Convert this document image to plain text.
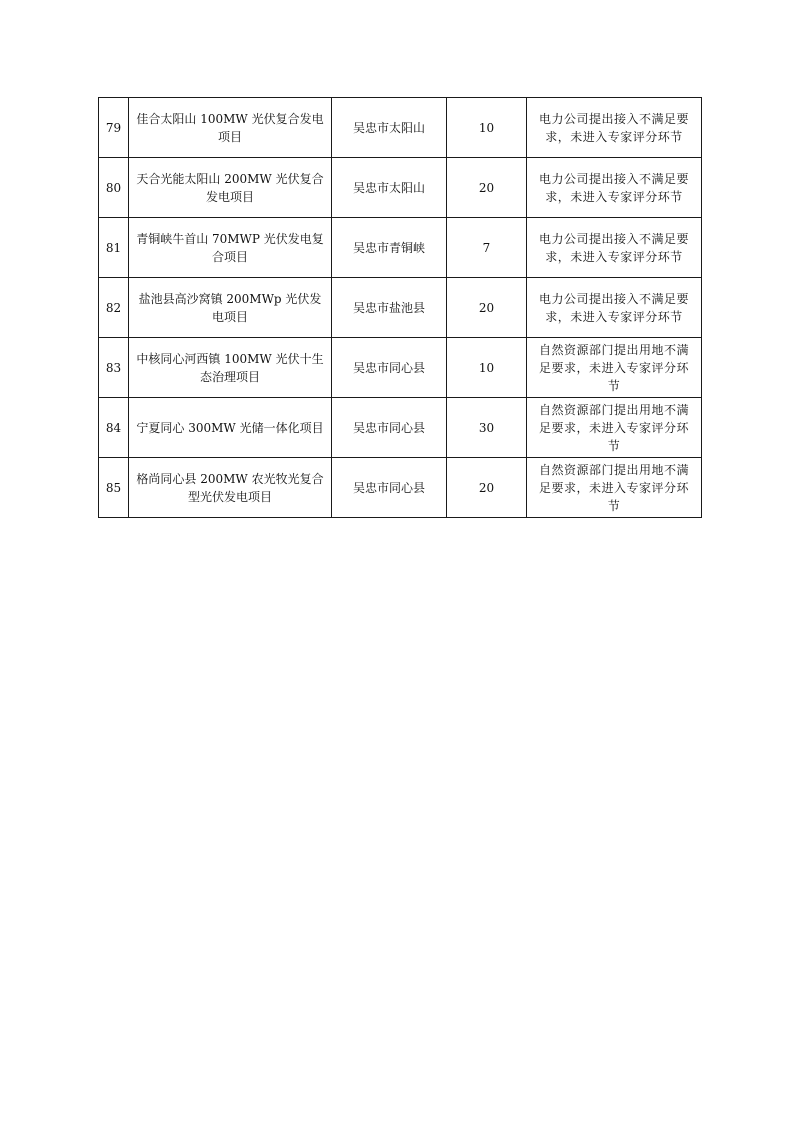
79	佳合太阳山 100MW 光伏复合发电项目	吴忠市太阳山	10	电力公司提出接入不满足要求，未进入专家评分环节
80	天合光能太阳山 200MW 光伏复合发电项目	吴忠市太阳山	20	电力公司提出接入不满足要求，未进入专家评分环节
81	青铜峡牛首山 70MWP 光伏发电复合项目	吴忠市青铜峡	7	电力公司提出接入不满足要求，未进入专家评分环节
82	盐池县高沙窝镇 200MWp 光伏发电项目	吴忠市盐池县	20	电力公司提出接入不满足要求，未进入专家评分环节
83	中核同心河西镇 100MW 光伏十生态治理项目	吴忠市同心县	10	自然资源部门提出用地不满足要求，未进入专家评分环节
84	宁夏同心 300MW 光储一体化项目	吴忠市同心县	30	自然资源部门提出用地不满足要求，未进入专家评分环节
85	格尚同心县 200MW 农光牧光复合型光伏发电项目	吴忠市同心县	20	自然资源部门提出用地不满足要求，未进入专家评分环节
